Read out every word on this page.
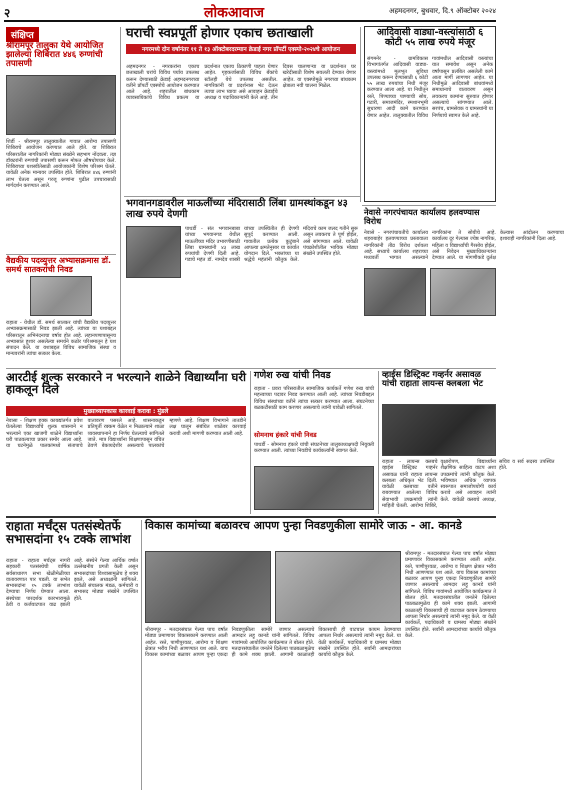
२	लोकआवाज	अहमदनगर, बुधवार, दि.९ ऑक्टोबर २०२४
संक्षिप्त
श्रीरामपूर तालुका येथे आयोजित झालेल्या शिबिरात ४४६ रुग्णांची तपासणी
शिर्डी - श्रीरामपूर तालुक्यातील गावात आरोग्य तपासणी शिबिराचे आयोजन करण्यात आले होते. या शिबिरात परिसरातील नागरिकांनी मोठ्या संख्येने सहभाग नोंदवला. तज्ञ डॉक्टरांनी रुग्णांची तपासणी करून मोफत औषधोपचार केले. शिबिराच्या यशस्वीतेसाठी आयोजकांनी विशेष परिश्रम घेतले. यावेळी अनेक मान्यवर उपस्थित होते. शिबिरात ४४६ रुग्णांनी लाभ घेतला असून गरजू रुग्णांना पुढील उपचारासाठी मार्गदर्शन करण्यात आले.
वैद्यकीय पदव्युत्तर अभ्यासक्रमास डॉ. समर्थ सातकरांची निवड
राहाता - येथील डॉ. समर्थ सातकर यांची वैद्यकीय पदव्युत्तर अभ्यासक्रमासाठी निवड झाली आहे. त्यांच्या या यशाबद्दल परिसरातून अभिनंदनाचा वर्षाव होत आहे. लहानपणापासूनच अभ्यासात हुशार असलेल्या समर्थने कठोर परिश्रमातून हे यश संपादन केले. या यशाबद्दल विविध सामाजिक संस्था व मान्यवरांनी त्यांचा सत्कार केला.
घराची स्वप्नपूर्ती होणार एकाच छताखाली
नगरमध्ये दोन वर्षानंतर ११ ते १३ ऑक्टोबरदरम्यान क्रेडाई नगर प्रॉपर्टी एक्स्पो-२०२४चे आयोजन
अहमदनगर - नगरकरांना एकाच छताखाली घरांचे विविध पर्याय उपलब्ध करून देण्यासाठी क्रेडाई अहमदनगरच्या वतीने प्रॉपर्टी एक्स्पोचे आयोजन करण्यात आले आहे. शहरातील बांधकाम व्यावसायिकांचे विविध प्रकल्प या प्रदर्शनात एकाच ठिकाणी पाहता येणार आहेत. गृहकर्जासाठी विविध बँकांचे स्टॉलही येथे उपलब्ध असतील. नागरिकांनी या प्रदर्शनास भेट देऊन त्याचा लाभ घ्यावा असे आवाहन क्रेडाईचे अध्यक्ष व पदाधिकाऱ्यांनी केले आहे. तीन दिवस चालणाऱ्या या प्रदर्शनात घर खरेदीसाठी विशेष सवलती देण्यात येणार आहेत. या एक्स्पोमुळे नगरच्या बांधकाम क्षेत्राला नवी चालना मिळेल.
आदिवासी वाड्या-वस्त्यांसाठी ६ कोटी ५५ लाख रुपये मंजूर
संगमनेर - ग्रामविकास विभागांतर्गत आदिवासी वाड्या-वस्त्यांमध्ये मूलभूत सुविधा उपलब्ध करून देण्यासाठी ६ कोटी ५५ लाख रुपयांचा निधी मंजूर करण्यात आला आहे. या निधीतून रस्ते, पिण्याच्या पाण्याची सोय, गटारी, समाजमंदिर, स्मशानभूमी सुधारणा आदी कामे करण्यात येणार आहेत. तालुक्यातील विविध गावांमधील आदिवासी वस्त्यांचा यात समावेश असून अनेक वर्षांपासून प्रलंबित असलेली कामे आता मार्गी लागणार आहेत. या निधीमुळे आदिवासी बांधवांमध्ये समाधानाचे वातावरण असून लवकरच कामांना सुरुवात होणार असल्याचे सांगण्यात आले. सरपंच, ग्रामसेवक व ग्रामस्थांनी या निर्णयाचे स्वागत केले आहे.
भगवानगडावरील माऊलींच्या मंदिरासाठी लिंबा ग्रामस्थांकडून ४३ लाख रुपये देणगी
पाथर्डी - संत भगवानबाबा यांच्या भगवानगड येथील माऊलींच्या मंदिर उभारणीसाठी लिंबा ग्रामस्थांनी ४३ लाख रुपयांची देणगी दिली आहे. गडाचे महंत डॉ. नामदेव शास्त्री यांच्या उपस्थितीत ही देणगी सुपूर्द करण्यात आली. गावातील प्रत्येक कुटुंबाने आपल्या क्षमतेनुसार या कार्यात योगदान दिले. भक्तांच्या या श्रद्धेचे महंतांनी कौतुक केले. मंदिराचे काम जलद गतीने सुरू असून लवकरच ते पूर्ण होईल, असे सांगण्यात आले. यावेळी पंचक्रोशीतील भाविक मोठ्या संख्येने उपस्थित होते.
नेवासे नगरपंचायत कार्यालय हलवण्यास विरोध
नेवासे - नगरपंचायतीचे कार्यालय शहराबाहेर हलवण्याच्या प्रस्तावाला नागरिकांनी तीव्र विरोध दर्शवला आहे. सध्याचे कार्यालय शहराच्या मध्यवर्ती भागात असल्याने नागरिकांना ते सोयीचे आहे. कार्यालय दूर गेल्यास ज्येष्ठ नागरिक, महिला व विद्यार्थ्यांची गैरसोय होईल, असे निवेदन मुख्याधिकाऱ्यांना देण्यात आले. या मागणीकडे दुर्लक्ष केल्यास आंदोलन करण्याचा इशाराही नागरिकांनी दिला आहे.
आरटीई शुल्क सरकारने न भरल्याने शाळेने विद्यार्थ्यांना घरी हाकलून दिले
मुख्याध्यापकास कारवाई करावा : मुंडले
नेवासा - शिक्षण हक्क कायद्यांतर्गत प्रवेश घेतलेल्या विद्यार्थ्यांचे शुल्क शासनाने न भरल्याने एका खाजगी शाळेने विद्यार्थ्यांना घरी पाठवल्याचा प्रकार समोर आला आहे. या घटनेमुळे पालकांमध्ये संतापाचे वातावरण पसरले आहे. शासनाकडून प्रतिपूर्ती रक्कम वेळेत न मिळाल्याने शाळा व्यवस्थापनाने हा निर्णय घेतल्याचे सांगितले जाते. मात्र विद्यार्थ्यांना शिक्षणापासून वंचित ठेवणे बेकायदेशीर असल्याचे पालकांचे म्हणणे आहे. शिक्षण विभागाने तातडीने लक्ष घालून संबंधित शाळेवर कारवाई करावी अशी मागणी करण्यात आली आहे.
गणेश रुख यांची निवड
राहाता - प्रवरा परिसरातील सामाजिक कार्यकर्ते गणेश रुख यांची महत्त्वाच्या पदावर निवड करण्यात आली आहे. त्यांच्या निवडीबद्दल विविध संस्थांच्या वतीने त्यांचा सत्कार करण्यात आला. संघटनेच्या बळकटीसाठी काम करणार असल्याचे त्यांनी यावेळी सांगितले.
सोमनाथ हंकारे यांची निवड
पाथर्डी - सोमनाथ हंकारे यांची संघटनेच्या तालुकाध्यक्षपदी नियुक्ती करण्यात आली. त्यांच्या निवडीचे कार्यकर्त्यांनी स्वागत केले.
व्हाईस डिस्ट्रिक्ट गव्हर्नर असावळ यांची राहाता लायन्स क्लबला भेट
राहाता - लायन्स क्लबचे व्हाईस डिस्ट्रिक्ट गव्हर्नर असावळ यांनी राहाता लायन्स क्लबला अधिकृत भेट दिली. यावेळी क्लबच्या वतीने राबवण्यात आलेल्या विविध सेवाभावी उपक्रमांची त्यांनी माहिती घेतली. आरोग्य शिबिरे, वृक्षारोपण, विद्यार्थ्यांना शैक्षणिक साहित्य वाटप अशा उपक्रमांचे त्यांनी कौतुक केले. भविष्यात अधिक व्यापक स्वरूपात समाजोपयोगी कार्य करावे असे आवाहन त्यांनी केले. यावेळी क्लबचे अध्यक्ष, सचिव व सर्व सदस्य उपस्थित होते.
राहाता मर्चंट्स पतसंस्थेतर्फे सभासदांना १५ टक्के लाभांश
राहाता - राहाता मर्चंट्स नागरी सहकारी पतसंस्थेची वार्षिक सर्वसाधारण सभा खेळीमेळीच्या वातावरणात पार पडली. या सभेत सभासदांना १५ टक्के लाभांश देण्याचा निर्णय घेण्यात आला. संस्थेच्या पारदर्शक कारभारामुळे ठेवी व कर्जवाटपात वाढ झाली आहे. संस्थेने गेल्या आर्थिक वर्षात उल्लेखनीय प्रगती केली असून सभासदांच्या विश्वासामुळेच हे शक्य झाले, असे अध्यक्षांनी सांगितले. यावेळी संचालक मंडळ, कर्मचारी व सभासद मोठ्या संख्येने उपस्थित होते.
विकास कामांच्या बळावरच आपण पुन्हा निवडणुकीला सामोरे जाऊ - आ. कानडे
श्रीरामपूर - मतदारसंघात गेल्या पाच वर्षांत मोठ्या प्रमाणावर विकासकामे करण्यात आली आहेत. रस्ते, पाणीपुरवठा, आरोग्य व शिक्षण क्षेत्रात भरीव निधी आणण्यात यश आले. याच विकास कामांच्या बळावर आपण पुन्हा एकदा निवडणुकीला सामोरे जाणार असल्याचे आमदार लहू कानडे यांनी सांगितले. विविध गावांमध्ये आयोजित कार्यक्रमात ते बोलत होते. मतदारसंघातील जनतेने दिलेल्या पाठबळामुळेच ही कामे शक्य झाली. आगामी काळातही विकासाची ही वाटचाल कायम ठेवण्याचा आपला निर्धार असल्याचे त्यांनी नमूद केले. या वेळी कार्यकर्ते, पदाधिकारी व ग्रामस्थ मोठ्या संख्येने उपस्थित होते. सर्वांनी आमदारांच्या कार्याचे कौतुक केले.
श्रीरामपूर - मतदारसंघात गेल्या पाच वर्षांत मोठ्या प्रमाणावर विकासकामे करण्यात आली आहेत. रस्ते, पाणीपुरवठा, आरोग्य व शिक्षण क्षेत्रात भरीव निधी आणण्यात यश आले. याच विकास कामांच्या बळावर आपण पुन्हा एकदा निवडणुकीला सामोरे जाणार असल्याचे आमदार लहू कानडे यांनी सांगितले. विविध गावांमध्ये आयोजित कार्यक्रमात ते बोलत होते. मतदारसंघातील जनतेने दिलेल्या पाठबळामुळेच ही कामे शक्य झाली. आगामी काळातही विकासाची ही वाटचाल कायम ठेवण्याचा आपला निर्धार असल्याचे त्यांनी नमूद केले. या वेळी कार्यकर्ते, पदाधिकारी व ग्रामस्थ मोठ्या संख्येने उपस्थित होते. सर्वांनी आमदारांच्या कार्याचे कौतुक केले.
